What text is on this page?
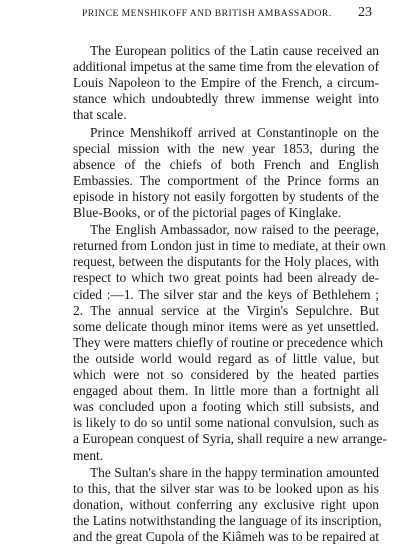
PRINCE MENSHIKOFF AND BRITISH AMBASSADOR. 23
The European politics of the Latin cause received an
additional impetus at the same time from the elevation of
Louis Napoleon to the Empire of the French, a circum-
stance which undoubtedly threw immense weight into
that scale.
Prince Menshikoff arrived at Constantinople on the
special mission with the new year 1853, during the
absence of the chiefs of both French and English
Embassies. The comportment of the Prince forms an
episode in history not easily forgotten by students of the
Blue-Books, or of the pictorial pages of Kinglake.
The English Ambassador, now raised to the peerage,
returned from London just in time to mediate, at their own
request, between the disputants for the Holy places, with
respect to which two great points had been already de-
cided :—1. The silver star and the keys of Bethlehem ;
2. The annual service at the Virgin's Sepulchre. But
some delicate though minor items were as yet unsettled.
They were matters chiefly of routine or precedence which
the outside world would regard as of little value, but
which were not so considered by the heated parties
engaged about them. In little more than a fortnight all
was concluded upon a footing which still subsists, and
is likely to do so until some national convulsion, such as
a European conquest of Syria, shall require a new arrange-
ment.
The Sultan's share in the happy termination amounted
to this, that the silver star was to be looked upon as his
donation, without conferring any exclusive right upon
the Latins notwithstanding the language of its inscription,
and the great Cupola of the Kiâmeh was to be repaired at
